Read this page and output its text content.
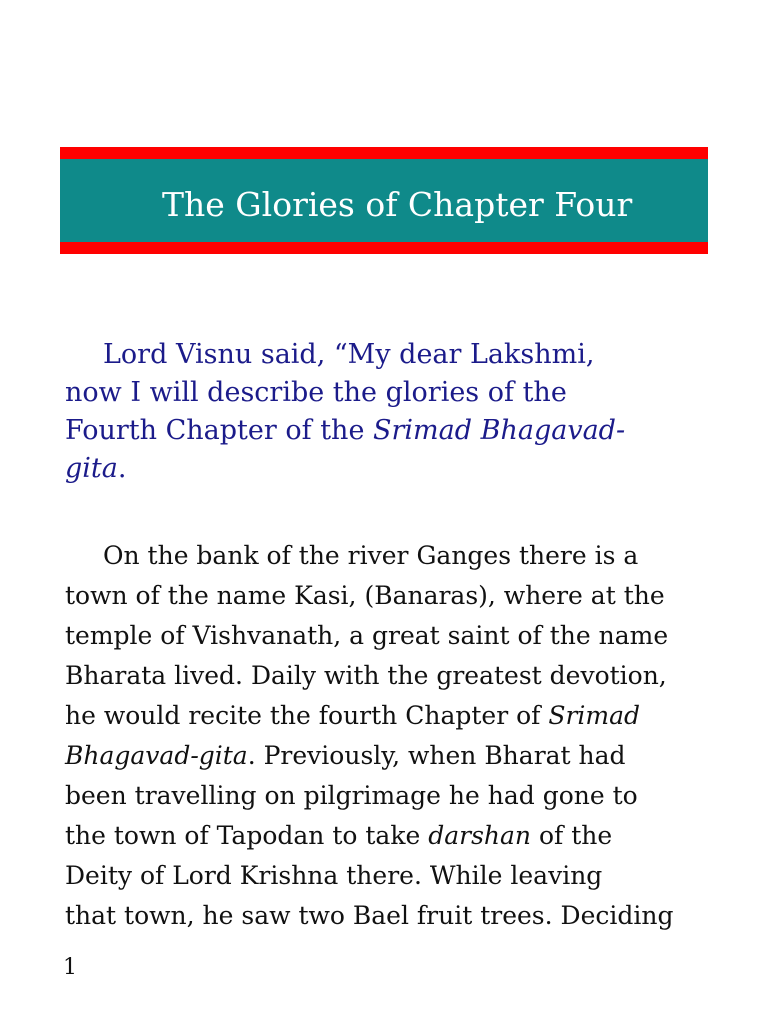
The Glories of Chapter Four
Lord Visnu said, “My dear Lakshmi,
now I will describe the glories of the
Fourth Chapter of the Srimad Bhagavad-
gita.
On the bank of the river Ganges there is a
town of the name Kasi, (Banaras), where at the
temple of Vishvanath, a great saint of the name
Bharata lived. Daily with the greatest devotion,
he would recite the fourth Chapter of Srimad
Bhagavad-gita. Previously, when Bharat had
been travelling on pilgrimage he had gone to
the town of Tapodan to take darshan of the
Deity of Lord Krishna there. While leaving
that town, he saw two Bael fruit trees. Deciding
1
